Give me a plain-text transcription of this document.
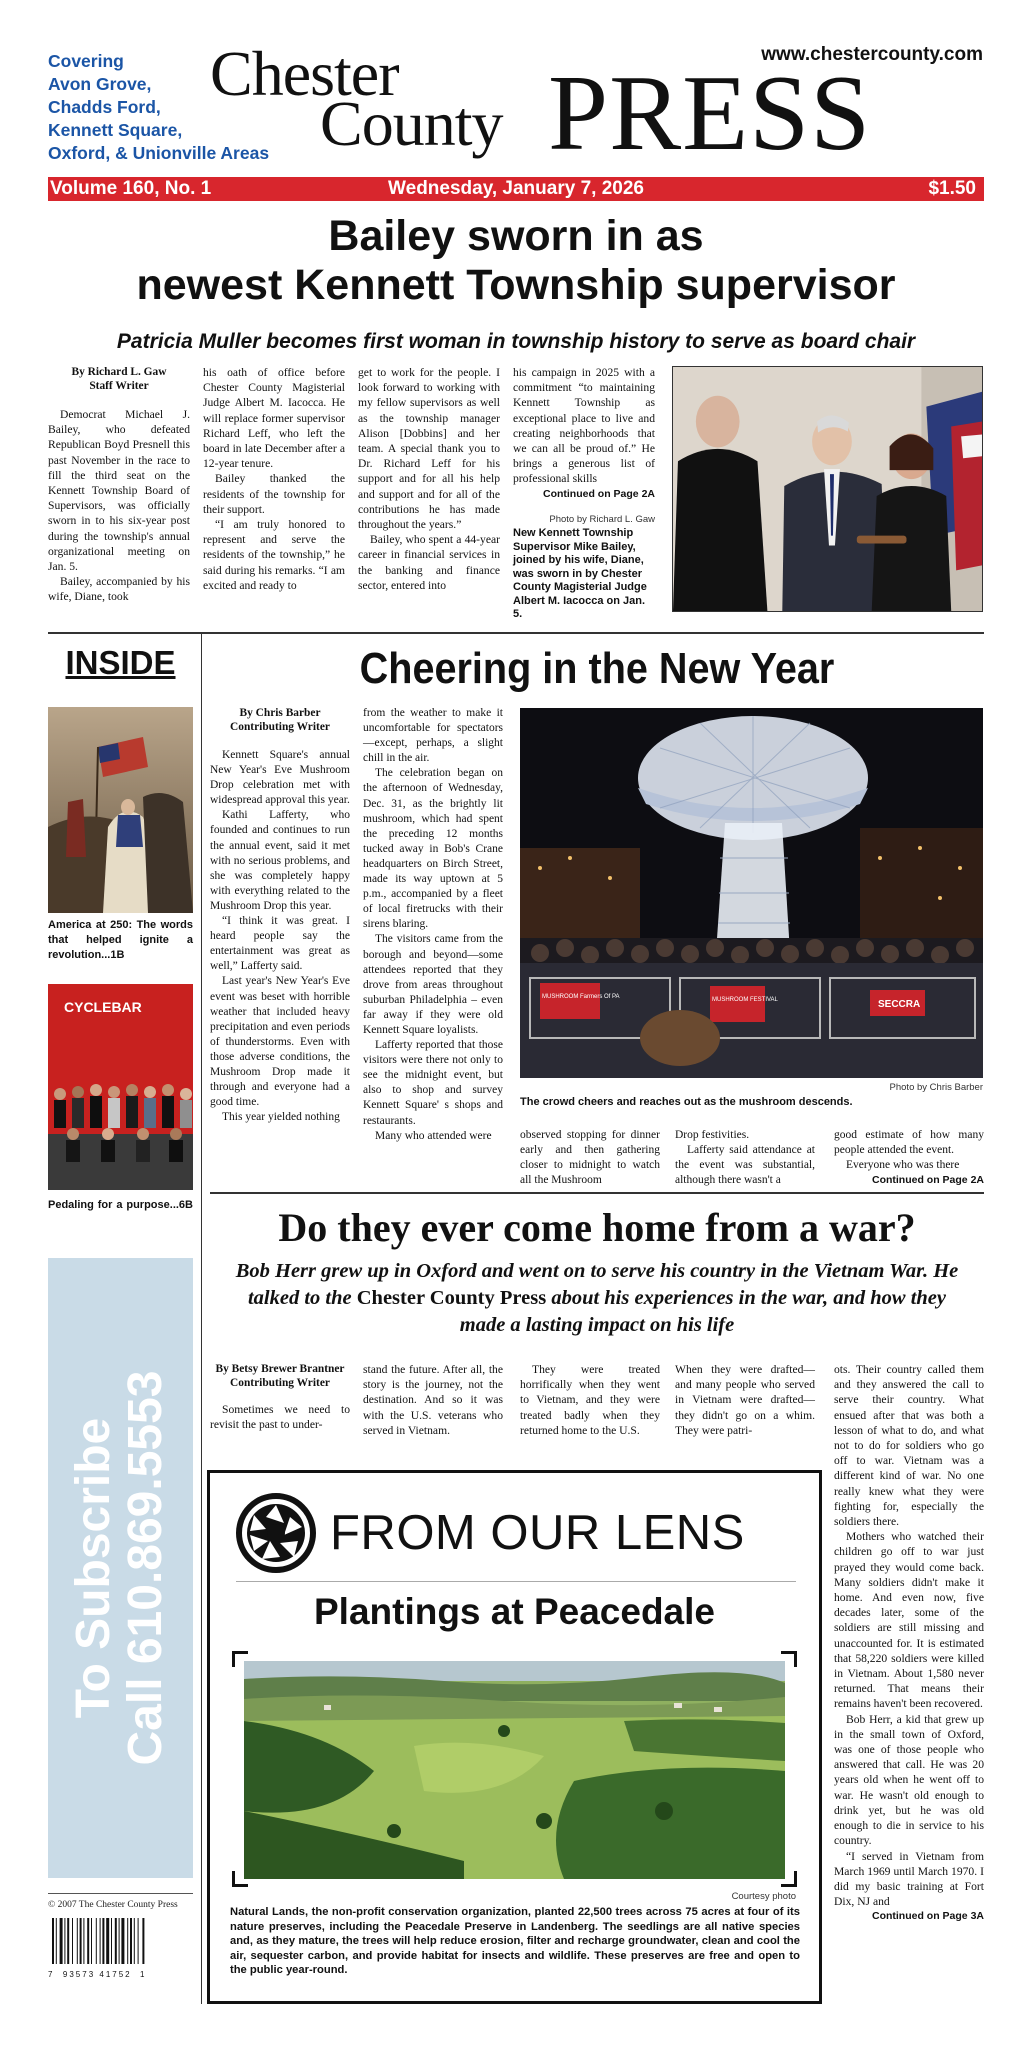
Covering
Avon Grove,
Chadds Ford,
Kennett Square,
Oxford, & Unionville Areas
www.chestercounty.com
Chester
County PRESS
Volume 160, No. 1	Wednesday, January 7, 2026	$1.50
Bailey sworn in as
newest Kennett Township supervisor
Patricia Muller becomes first woman in township history to serve as board chair

By Richard L. Gaw
Staff Writer

Democrat Michael J. Bailey, who defeated Republican Boyd Presnell this past November in the race to fill the third seat on the Kennett Township Board of Supervisors, was officially sworn in to his six-year post during the township's annual organizational meeting on Jan. 5.

Bailey, accompanied by his wife, Diane, took

his oath of office before Chester County Magisterial Judge Albert M. Iacocca. He will replace former supervisor Richard Leff, who left the board in late December after a 12-year tenure.

Bailey thanked the residents of the township for their support.

“I am truly honored to represent and serve the residents of the township,” he said during his remarks. “I am excited and ready to

get to work for the people. I look forward to working with my fellow supervisors as well as the township manager Alison [Dobbins] and her team. A special thank you to Dr. Richard Leff for his support and for all his help and support and for all of the contributions he has made throughout the years.”

Bailey, who spent a 44-year career in financial services in the banking and finance sector, entered into

his campaign in 2025 with a commitment “to maintaining Kennett Township as exceptional place to live and creating neighborhoods that we can all be proud of.” He brings a generous list of professional skills

Continued on Page 2A
Photo by Richard L. Gaw
New Kennett Township Supervisor Mike Bailey, joined by his wife, Diane, was sworn in by Chester County Magisterial Judge Albert M. Iacocca on Jan. 5.
INSIDE
America at 250: The words that helped ignite a revolution...1B
CYCLEBAR
Pedaling for a purpose...6B
To Subscribe Call 610.869.5553
© 2007 The Chester County Press
7  93573 41752  1
Cheering in the New Year

By Chris Barber
Contributing Writer

Kennett Square's annual New Year's Eve Mushroom Drop celebration met with widespread approval this year.

Kathi Lafferty, who founded and continues to run the annual event, said it met with no serious problems, and she was completely happy with everything related to the Mushroom Drop this year.

“I think it was great. I heard people say the entertainment was great as well,” Lafferty said.

Last year's New Year's Eve event was beset with horrible weather that included heavy precipitation and even periods of thunderstorms. Even with those adverse conditions, the Mushroom Drop made it through and everyone had a good time.

This year yielded nothing

from the weather to make it uncomfortable for spectators—except, perhaps, a slight chill in the air.

The celebration began on the afternoon of Wednesday, Dec. 31, as the brightly lit mushroom, which had spent the preceding 12 months tucked away in Bob's Crane headquarters on Birch Street, made its way uptown at 5 p.m., accompanied by a fleet of local firetrucks with their sirens blaring.

The visitors came from the borough and beyond—some attendees reported that they drove from areas throughout suburban Philadelphia – even far away if they were old Kennett Square loyalists.

Lafferty reported that those visitors were there not only to see the midnight event, but also to shop and survey Kennett Square' s shops and restaurants.

Many who attended were

MUSHROOM Farmers Of PA	MUSHROOM FESTIVAL	SECCRA
Photo by Chris Barber
The crowd cheers and reaches out as the mushroom descends.

observed stopping for dinner early and then gathering closer to midnight to watch all the Mushroom

Drop festivities.

Lafferty said attendance at the event was substantial, although there wasn't a

good estimate of how many people attended the event.

Everyone who was there

Continued on Page 2A
Do they ever come home from a war?
Bob Herr grew up in Oxford and went on to serve his country in the Vietnam War. He talked to the Chester County Press about his experiences in the war, and how they made a lasting impact on his life

By Betsy Brewer Brantner
Contributing Writer

Sometimes we need to revisit the past to under-

stand the future. After all, the story is the journey, not the destination. And so it was with the U.S. veterans who served in Vietnam.

They were treated horrifically when they went to Vietnam, and they were treated badly when they returned home to the U.S.

When they were drafted—and many people who served in Vietnam were drafted—they didn't go on a whim. They were patri-

ots. Their country called them and they answered the call to serve their country. What ensued after that was both a lesson of what to do, and what not to do for soldiers who go off to war. Vietnam was a different kind of war. No one really knew what they were fighting for, especially the soldiers there.

Mothers who watched their children go off to war just prayed they would come back. Many soldiers didn't make it home. And even now, five decades later, some of the soldiers are still missing and unaccounted for. It is estimated that 58,220 soldiers were killed in Vietnam. About 1,580 never returned. That means their remains haven't been recovered.

Bob Herr, a kid that grew up in the small town of Oxford, was one of those people who answered that call. He was 20 years old when he went off to war. He wasn't old enough to drink yet, but he was old enough to die in service to his country.

“I served in Vietnam from March 1969 until March 1970. I did my basic training at Fort Dix, NJ and

Continued on Page 3A
FROM OUR LENS
Plantings at Peacedale
Courtesy photo
Natural Lands, the non-profit conservation organization, planted 22,500 trees across 75 acres at four of its nature preserves, including the Peacedale Preserve in Landenberg. The seedlings are all native species and, as they mature, the trees will help reduce erosion, filter and recharge groundwater, clean and cool the air, sequester carbon, and provide habitat for insects and wildlife. These preserves are free and open to the public year-round.
